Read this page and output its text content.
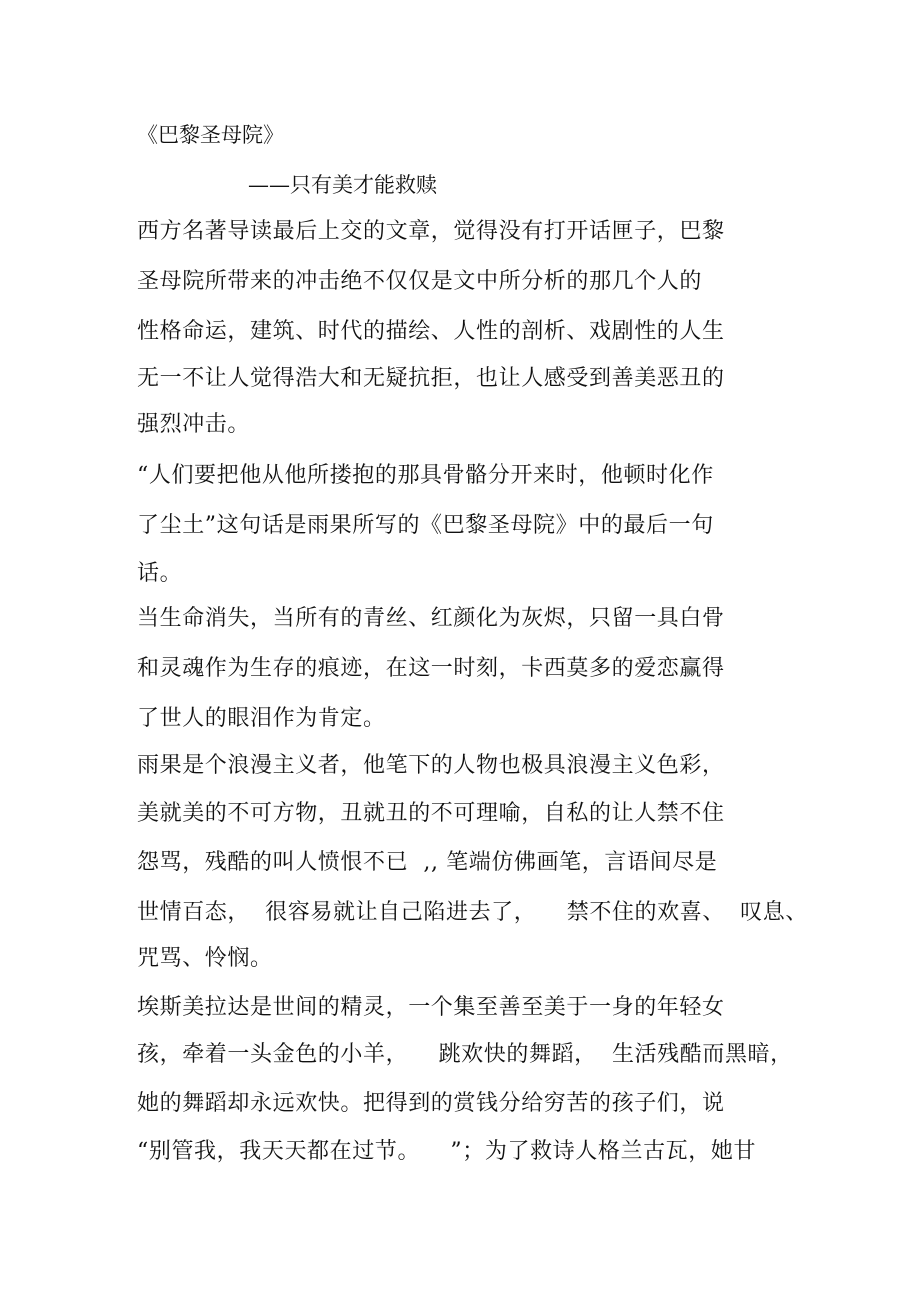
《巴黎圣母院》
——只有美才能救赎
西方名著导读最后上交的文章，觉得没有打开话匣子，巴黎
圣母院所带来的冲击绝不仅仅是文中所分析的那几个人的
性格命运，建筑、时代的描绘、人性的剖析、戏剧性的人生
无一不让人觉得浩大和无疑抗拒，也让人感受到善美恶丑的
强烈冲击。
“人们要把他从他所搂抱的那具骨骼分开来时，他顿时化作
了尘土”这句话是雨果所写的《巴黎圣母院》中的最后一句
话。
当生命消失，当所有的青丝、红颜化为灰烬，只留一具白骨
和灵魂作为生存的痕迹，在这一时刻，卡西莫多的爱恋赢得
了世人的眼泪作为肯定。
雨果是个浪漫主义者，他笔下的人物也极具浪漫主义色彩，
美就美的不可方物，丑就丑的不可理喻，自私的让人禁不住
怨骂，残酷的叫人愤恨不已  ,, 笔端仿佛画笔，言语间尽是
世情百态，  很容易就让自己陷进去了，    禁不住的欢喜、  叹息、
咒骂、怜悯。
埃斯美拉达是世间的精灵，一个集至善至美于一身的年轻女
孩，牵着一头金色的小羊，    跳欢快的舞蹈，  生活残酷而黑暗，
她的舞蹈却永远欢快。把得到的赏钱分给穷苦的孩子们，说
“别管我，我天天都在过节。    ”；为了救诗人格兰古瓦，她甘
